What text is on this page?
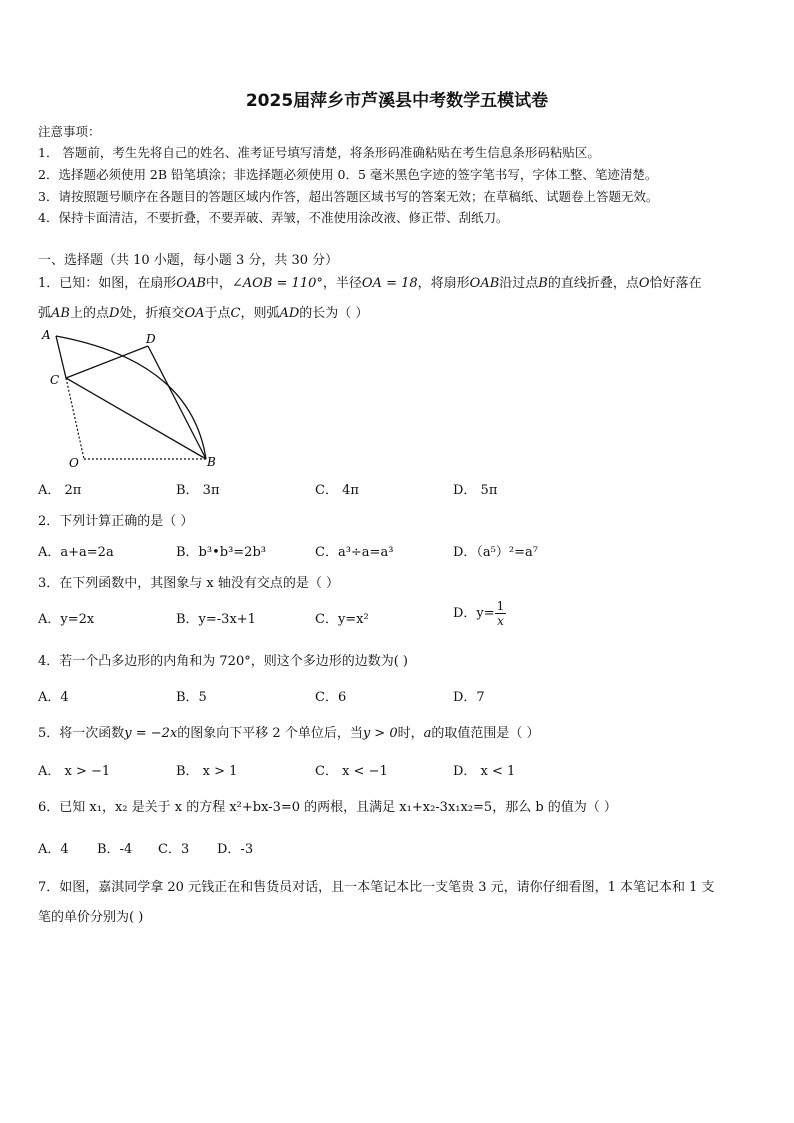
2025届萍乡市芦溪县中考数学五模试卷
注意事项：
1． 答题前，考生先将自己的姓名、准考证号填写清楚，将条形码准确粘贴在考生信息条形码粘贴区。
2．选择题必须使用 2B 铅笔填涂；非选择题必须使用 0．5 毫米黑色字迹的签字笔书写，字体工整、笔迹清楚。
3．请按照题号顺序在各题目的答题区域内作答，超出答题区域书写的答案无效；在草稿纸、试题卷上答题无效。
4．保持卡面清洁，不要折叠，不要弄破、弄皱，不准使用涂改液、修正带、刮纸刀。
一、选择题（共 10 小题，每小题 3 分，共 30 分）
1．已知：如图，在扇形OAB中，∠AOB = 110°，半径OA = 18，将扇形OAB沿过点B的直线折叠，点O恰好落在
弧AB上的点D处，折痕交OA于点C，则弧AD的长为（ ）
A	D
C
O	B
A． 2π	B． 3π	C． 4π	D． 5π
2．下列计算正确的是（ ）
A．a+a=2a	B．b³•b³=2b³	C．a³÷a=a³	D．（a⁵）²=a⁷
3．在下列函数中，其图象与 x 轴没有交点的是（ ）
A．y=2x	B．y=-3x+1	C．y=x²	D．$y= \frac{1}{x}$
4．若一个凸多边形的内角和为 720°，则这个多边形的边数为( )
A．4	B．5	C．6	D．7
5．将一次函数y = −2x的图象向下平移 2 个单位后，当y > 0时，a的取值范围是（ ）
A． x > −1	B． x > 1	C． x < −1	D． x < 1
6．已知 x₁，x₂ 是关于 x 的方程 x²+bx-3=0 的两根，且满足 x₁+x₂-3x₁x₂=5，那么 b 的值为（ ）
A．4 B．-4 C．3 D．-3
7．如图，嘉淇同学拿 20 元钱正在和售货员对话，且一本笔记本比一支笔贵 3 元，请你仔细看图，1 本笔记本和 1 支
笔的单价分别为( )
